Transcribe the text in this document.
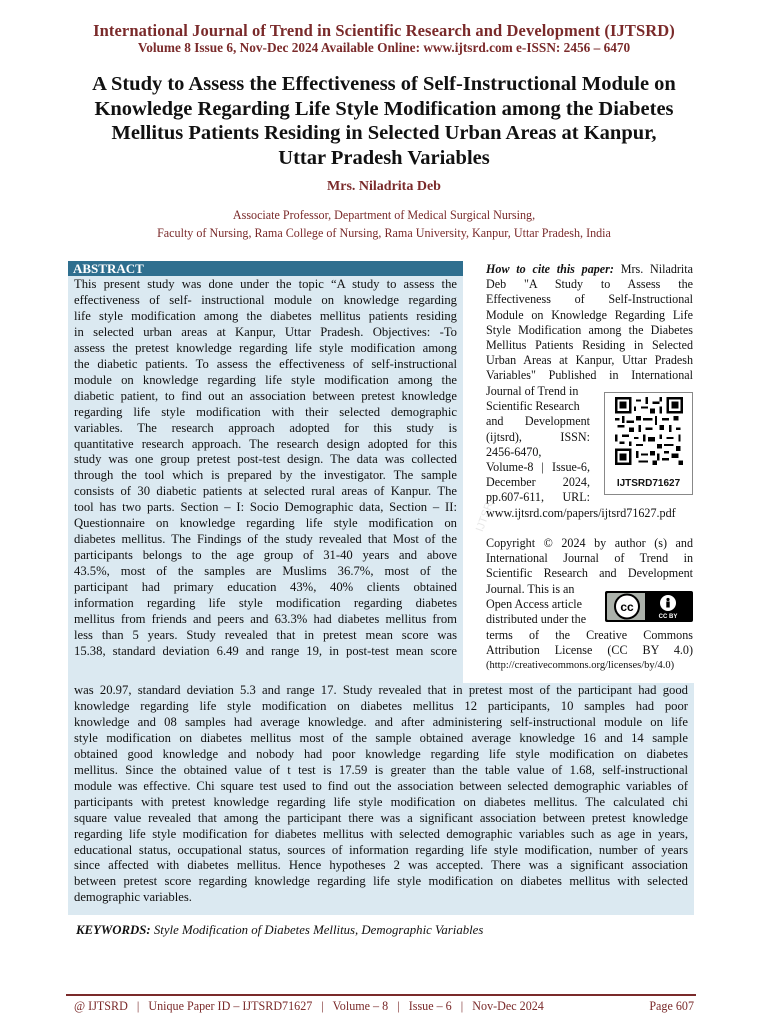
International Journal of Trend in Scientific Research and Development (IJTSRD)
Volume 8 Issue 6, Nov-Dec 2024 Available Online: www.ijtsrd.com e-ISSN: 2456 – 6470
A Study to Assess the Effectiveness of Self-Instructional Module on
Knowledge Regarding Life Style Modification among the Diabetes
Mellitus Patients Residing in Selected Urban Areas at Kanpur,
Uttar Pradesh Variables
Mrs. Niladrita Deb
Associate Professor, Department of Medical Surgical Nursing,
Faculty of Nursing, Rama College of Nursing, Rama University, Kanpur, Uttar Pradesh, India
ABSTRACT
This present study was done under the topic “A study to assess the
effectiveness of self- instructional module on knowledge regarding
life style modification among the diabetes mellitus patients residing
in selected urban areas at Kanpur, Uttar Pradesh. Objectives: -To
assess the pretest knowledge regarding life style modification among
the diabetic patients. To assess the effectiveness of self-instructional
module on knowledge regarding life style modification among the
diabetic patient, to find out an association between pretest knowledge
regarding life style modification with their selected demographic
variables. The research approach adopted for this study is
quantitative research approach. The research design adopted for this
study was one group pretest post-test design. The data was collected
through the tool which is prepared by the investigator. The sample
consists of 30 diabetic patients at selected rural areas of Kanpur. The
tool has two parts. Section – I: Socio Demographic data, Section – II:
Questionnaire on knowledge regarding life style modification on
diabetes mellitus. The Findings of the study revealed that Most of the
participants belongs to the age group of 31-40 years and above
43.5%, most of the samples are Muslims 36.7%, most of the
participant had primary education 43%, 40% clients obtained
information regarding life style modification regarding diabetes
mellitus from friends and peers and 63.3% had diabetes mellitus from
less than 5 years. Study revealed that in pretest mean score was
15.38, standard deviation 6.49 and range 19, in post-test mean score
was 20.97, standard deviation 5.3 and range 17. Study revealed that in pretest most of the participant had good
knowledge regarding life style modification on diabetes mellitus 12 participants, 10 samples had poor
knowledge and 08 samples had average knowledge. and after administering self-instructional module on life
style modification on diabetes mellitus most of the sample obtained average knowledge 16 and 14 sample
obtained good knowledge and nobody had poor knowledge regarding life style modification on diabetes
mellitus. Since the obtained value of t test is 17.59 is greater than the table value of 1.68, self-instructional
module was effective. Chi square test used to find out the association between selected demographic variables of
participants with pretest knowledge regarding life style modification on diabetes mellitus. The calculated chi
square value revealed that among the participant there was a significant association between pretest knowledge
regarding life style modification for diabetes mellitus with selected demographic variables such as age in years,
educational status, occupational status, sources of information regarding life style modification, number of years
since affected with diabetes mellitus. Hence hypotheses 2 was accepted. There was a significant association
between pretest score regarding knowledge regarding life style modification on diabetes mellitus with selected
demographic variables.
IJTSRD
How to cite this paper: Mrs. Niladrita
Deb "A Study to Assess the
Effectiveness of Self-Instructional
Module on Knowledge Regarding Life
Style Modification among the Diabetes
Mellitus Patients Residing in Selected
Urban Areas at Kanpur, Uttar Pradesh
Variables" Published in International
Journal of Trend in
Scientific Research
and Development
(ijtsrd), ISSN:
2456-6470,
Volume-8 | Issue-6,
December 2024,
pp.607-611, URL:
IJTSRD71627
www.ijtsrd.com/papers/ijtsrd71627.pdf
Copyright © 2024 by author (s) and
International Journal of Trend in
Scientific Research and Development
Journal. This is an
Open Access article
distributed under the
cc
CC BY
terms of the Creative Commons
Attribution License (CC BY 4.0)
(http://creativecommons.org/licenses/by/4.0)
KEYWORDS: Style Modification of Diabetes Mellitus, Demographic Variables
@ IJTSRD   |   Unique Paper ID – IJTSRD71627   |   Volume – 8   |   Issue – 6   |   Nov-Dec 2024	Page 607
